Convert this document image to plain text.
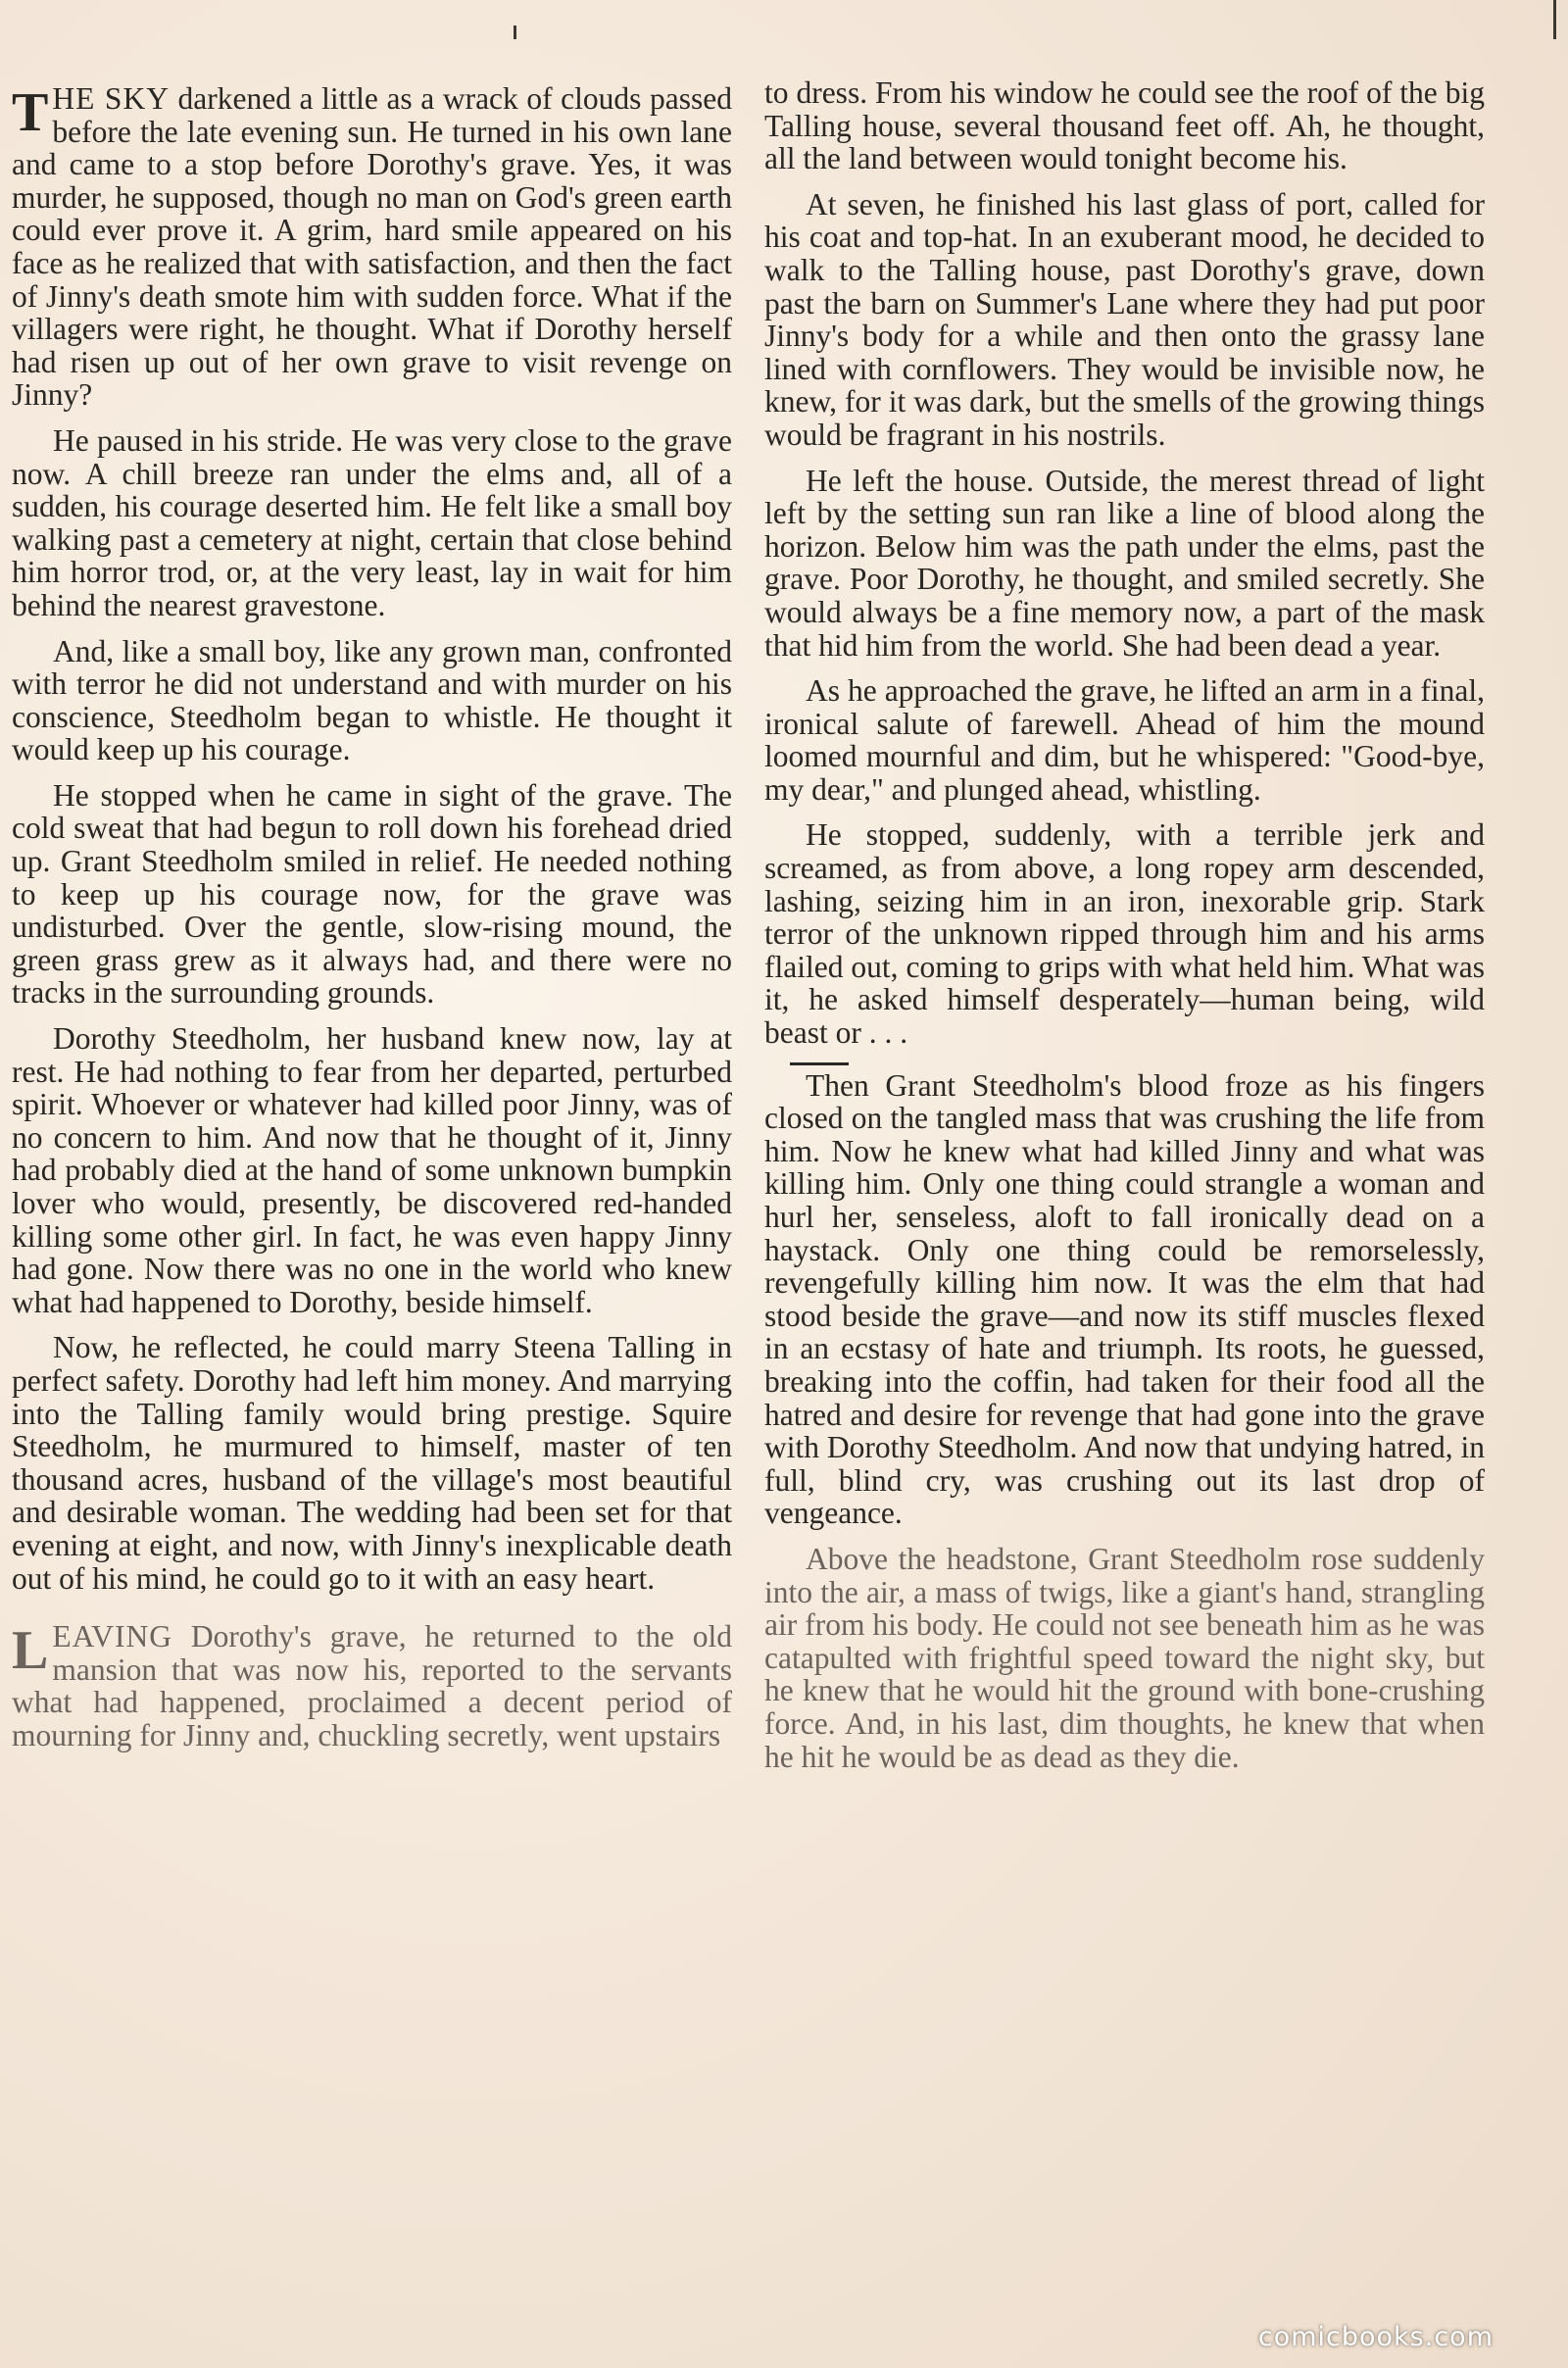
THE SKY darkened a little as a wrack of clouds passed before the late evening sun. He turned in his own lane and came to a stop before Dorothy's grave. Yes, it was murder, he supposed, though no man on God's green earth could ever prove it. A grim, hard smile appeared on his face as he realized that with satisfaction, and then the fact of Jinny's death smote him with sudden force. What if the villagers were right, he thought. What if Dorothy herself had risen up out of her own grave to visit revenge on Jinny?

He paused in his stride. He was very close to the grave now. A chill breeze ran under the elms and, all of a sudden, his courage deserted him. He felt like a small boy walking past a cemetery at night, certain that close behind him horror trod, or, at the very least, lay in wait for him behind the nearest gravestone.

And, like a small boy, like any grown man, confronted with terror he did not understand and with murder on his conscience, Steedholm began to whistle. He thought it would keep up his courage.

He stopped when he came in sight of the grave. The cold sweat that had begun to roll down his forehead dried up. Grant Steedholm smiled in relief. He needed nothing to keep up his courage now, for the grave was undisturbed. Over the gentle, slow-rising mound, the green grass grew as it always had, and there were no tracks in the surrounding grounds.

Dorothy Steedholm, her husband knew now, lay at rest. He had nothing to fear from her departed, perturbed spirit. Whoever or whatever had killed poor Jinny, was of no concern to him. And now that he thought of it, Jinny had probably died at the hand of some unknown bumpkin lover who would, presently, be discovered red-handed killing some other girl. In fact, he was even happy Jinny had gone. Now there was no one in the world who knew what had happened to Dorothy, beside himself.

Now, he reflected, he could marry Steena Talling in perfect safety. Dorothy had left him money. And marrying into the Talling family would bring prestige. Squire Steedholm, he murmured to himself, master of ten thousand acres, husband of the village's most beautiful and desirable woman. The wedding had been set for that evening at eight, and now, with Jinny's inexplicable death out of his mind, he could go to it with an easy heart.

LEAVING Dorothy's grave, he returned to the old mansion that was now his, reported to the servants what had happened, proclaimed a decent period of mourning for Jinny and, chuckling secretly, went upstairs

to dress. From his window he could see the roof of the big Talling house, several thousand feet off. Ah, he thought, all the land between would tonight become his.

At seven, he finished his last glass of port, called for his coat and top-hat. In an exuberant mood, he decided to walk to the Talling house, past Dorothy's grave, down past the barn on Summer's Lane where they had put poor Jinny's body for a while and then onto the grassy lane lined with cornflowers. They would be invisible now, he knew, for it was dark, but the smells of the growing things would be fragrant in his nostrils.

He left the house. Outside, the merest thread of light left by the setting sun ran like a line of blood along the horizon. Below him was the path under the elms, past the grave. Poor Dorothy, he thought, and smiled secretly. She would always be a fine memory now, a part of the mask that hid him from the world. She had been dead a year.

As he approached the grave, he lifted an arm in a final, ironical salute of farewell. Ahead of him the mound loomed mournful and dim, but he whispered: "Good-bye, my dear," and plunged ahead, whistling.

He stopped, suddenly, with a terrible jerk and screamed, as from above, a long ropey arm descended, lashing, seizing him in an iron, inexorable grip. Stark terror of the unknown ripped through him and his arms flailed out, coming to grips with what held him. What was it, he asked himself desperately—human being, wild beast or . . .

Then Grant Steedholm's blood froze as his fingers closed on the tangled mass that was crushing the life from him. Now he knew what had killed Jinny and what was killing him. Only one thing could strangle a woman and hurl her, senseless, aloft to fall ironically dead on a haystack. Only one thing could be remorselessly, revengefully killing him now. It was the elm that had stood beside the grave—and now its stiff muscles flexed in an ecstasy of hate and triumph. Its roots, he guessed, breaking into the coffin, had taken for their food all the hatred and desire for revenge that had gone into the grave with Dorothy Steedholm. And now that undying hatred, in full, blind cry, was crushing out its last drop of vengeance.

Above the headstone, Grant Steedholm rose suddenly into the air, a mass of twigs, like a giant's hand, strangling air from his body. He could not see beneath him as he was catapulted with frightful speed toward the night sky, but he knew that he would hit the ground with bone-crushing force. And, in his last, dim thoughts, he knew that when he hit he would be as dead as they die.

comicbooks.com
